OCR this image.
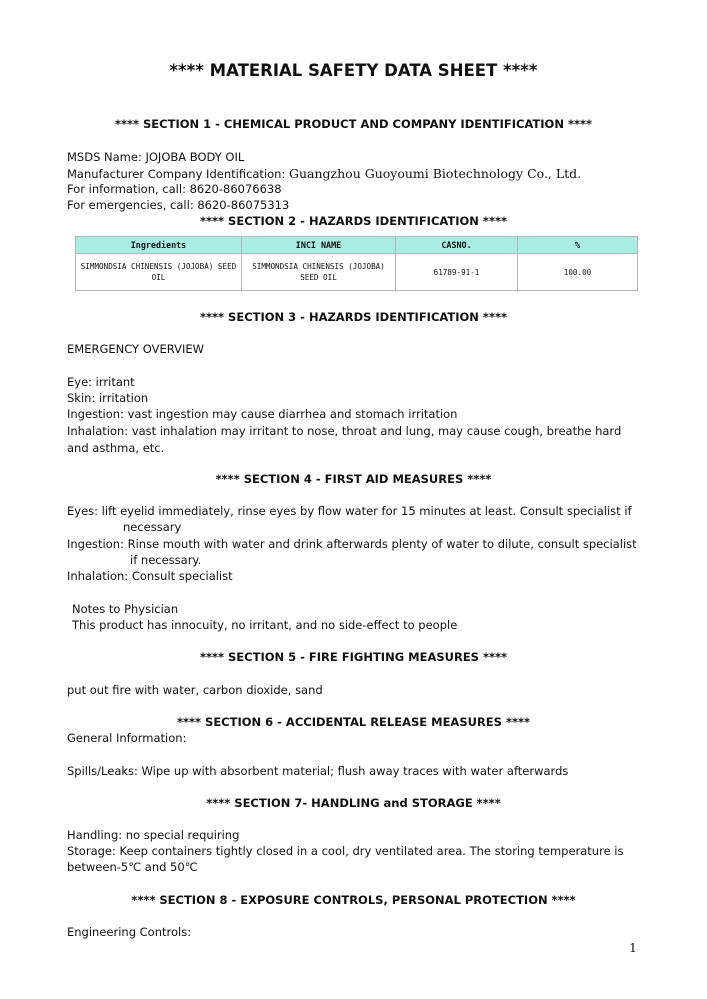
**** MATERIAL SAFETY DATA SHEET ****
**** SECTION 1 - CHEMICAL PRODUCT AND COMPANY IDENTIFICATION ****
MSDS Name: JOJOBA BODY OIL
Manufacturer Company Identification: Guangzhou Guoyoumi Biotechnology Co., Ltd.
For information, call: 8620-86076638
For emergencies, call: 8620-86075313
**** SECTION 2 - HAZARDS IDENTIFICATION ****
Ingredients	INCI NAME	CASNO.	%
SIMMONDSIA CHINENSIS (JOJOBA) SEED OIL	SIMMONDSIA CHINENSIS (JOJOBA) SEED OIL	61789-91-1	100.00
**** SECTION 3 - HAZARDS IDENTIFICATION ****
EMERGENCY OVERVIEW
Eye: irritant
Skin: irritation
Ingestion: vast ingestion may cause diarrhea and stomach irritation
Inhalation: vast inhalation may irritant to nose, throat and lung, may cause cough, breathe hard and asthma, etc.
**** SECTION 4 - FIRST AID MEASURES ****
Eyes: lift eyelid immediately, rinse eyes by flow water for 15 minutes at least. Consult specialist if
necessary
Ingestion: Rinse mouth with water and drink afterwards plenty of water to dilute, consult specialist
if necessary.
Inhalation: Consult specialist
Notes to Physician
This product has innocuity, no irritant, and no side-effect to people
**** SECTION 5 - FIRE FIGHTING MEASURES ****
put out fire with water, carbon dioxide, sand
**** SECTION 6 - ACCIDENTAL RELEASE MEASURES ****
General Information:
Spills/Leaks: Wipe up with absorbent material; flush away traces with water afterwards
**** SECTION 7- HANDLING and STORAGE ****
Handling: no special requiring
Storage: Keep containers tightly closed in a cool, dry ventilated area. The storing temperature is
between-5℃ and 50℃
**** SECTION 8 - EXPOSURE CONTROLS, PERSONAL PROTECTION ****
Engineering Controls:
1
